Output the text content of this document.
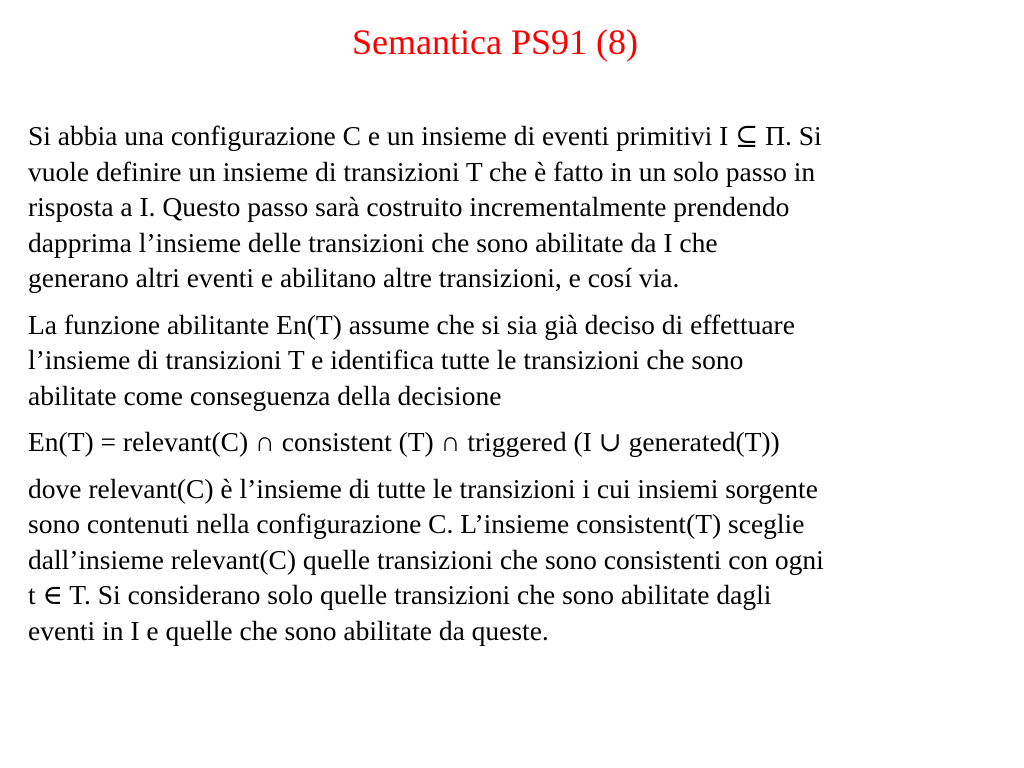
Semantica PS91 (8)

Si abbia una configurazione C e un insieme di eventi primitivi I ⊆ Π. Si
vuole definire un insieme di transizioni T che è fatto in un solo passo in
risposta a I. Questo passo sarà costruito incrementalmente prendendo
dapprima l’insieme delle transizioni che sono abilitate da I che
generano altri eventi e abilitano altre transizioni, e cosí via.

La funzione abilitante En(T) assume che si sia già deciso di effettuare
l’insieme di transizioni T e identifica tutte le transizioni che sono
abilitate come conseguenza della decisione

En(T) = relevant(C) ∩ consistent (T) ∩ triggered (I ∪ generated(T))

dove relevant(C) è l’insieme di tutte le transizioni i cui insiemi sorgente
sono contenuti nella configurazione C. L’insieme consistent(T) sceglie
dall’insieme relevant(C) quelle transizioni che sono consistenti con ogni
t ∈ T. Si considerano solo quelle transizioni che sono abilitate dagli
eventi in I e quelle che sono abilitate da queste.
